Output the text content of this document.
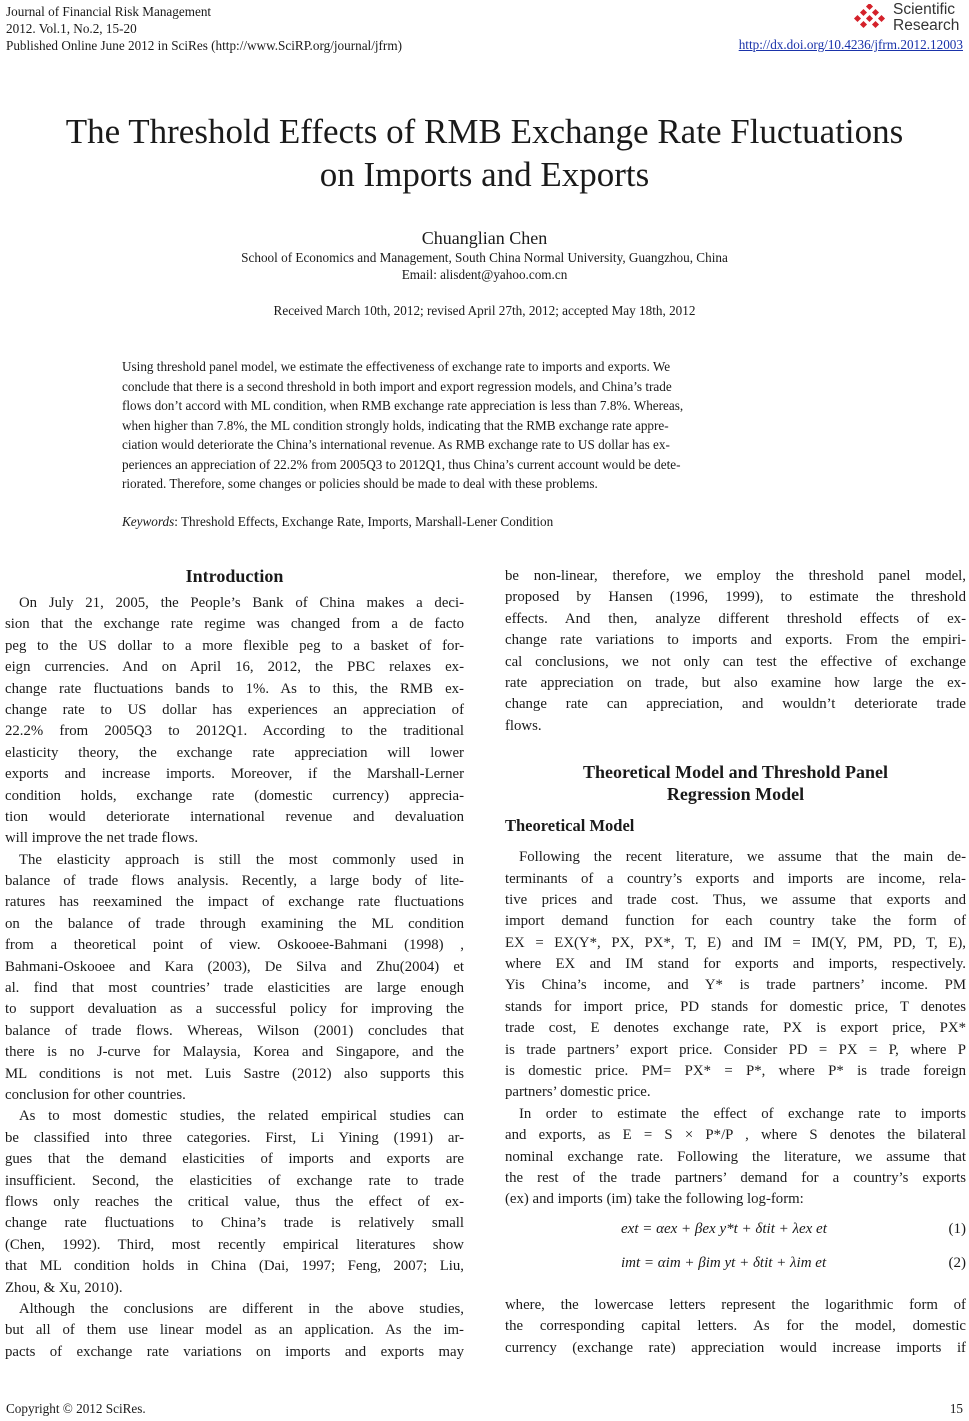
Journal of Financial Risk Management
2012. Vol.1, No.2, 15-20
Published Online June 2012 in SciRes (http://www.SciRP.org/journal/jfrm)
Scientific
Research
http://dx.doi.org/10.4236/jfrm.2012.12003
The Threshold Effects of RMB Exchange Rate Fluctuations
on Imports and Exports
Chuanglian Chen
School of Economics and Management, South China Normal University, Guangzhou, China
Email: alisdent@yahoo.com.cn
Received March 10th, 2012; revised April 27th, 2012; accepted May 18th, 2012
Using threshold panel model, we estimate the effectiveness of exchange rate to imports and exports. We
conclude that there is a second threshold in both import and export regression models, and China’s trade
flows don’t accord with ML condition, when RMB exchange rate appreciation is less than 7.8%. Whereas,
when higher than 7.8%, the ML condition strongly holds, indicating that the RMB exchange rate appre-
ciation would deteriorate the China’s international revenue. As RMB exchange rate to US dollar has ex-
periences an appreciation of 22.2% from 2005Q3 to 2012Q1, thus China’s current account would be dete-
riorated. Therefore, some changes or policies should be made to deal with these problems.
Keywords: Threshold Effects, Exchange Rate, Imports, Marshall-Lener Condition
Introduction
On July 21, 2005, the People’s Bank of China makes a deci-
sion that the exchange rate regime was changed from a de facto
peg to the US dollar to a more flexible peg to a basket of for-
eign currencies. And on April 16, 2012, the PBC relaxes ex-
change rate fluctuations bands to 1%. As to this, the RMB ex-
change rate to US dollar has experiences an appreciation of
22.2% from 2005Q3 to 2012Q1. According to the traditional
elasticity theory, the exchange rate appreciation will lower
exports and increase imports. Moreover, if the Marshall-Lerner
condition holds, exchange rate (domestic currency) apprecia-
tion would deteriorate international revenue and devaluation
will improve the net trade flows.
The elasticity approach is still the most commonly used in
balance of trade flows analysis. Recently, a large body of lite-
ratures has reexamined the impact of exchange rate fluctuations
on the balance of trade through examining the ML condition
from a theoretical point of view. Oskooee-Bahmani (1998) ,
Bahmani-Oskooee and Kara (2003), De Silva and Zhu(2004) et
al. find that most countries’ trade elasticities are large enough
to support devaluation as a successful policy for improving the
balance of trade flows. Whereas, Wilson (2001) concludes that
there is no J-curve for Malaysia, Korea and Singapore, and the
ML conditions is not met. Luis Sastre (2012) also supports this
conclusion for other countries.
As to most domestic studies, the related empirical studies can
be classified into three categories. First, Li Yining (1991) ar-
gues that the demand elasticities of imports and exports are
insufficient. Second, the elasticities of exchange rate to trade
flows only reaches the critical value, thus the effect of ex-
change rate fluctuations to China’s trade is relatively small
(Chen, 1992). Third, most recently empirical literatures show
that ML condition holds in China (Dai, 1997; Feng, 2007; Liu,
Zhou, & Xu, 2010).
Although the conclusions are different in the above studies,
but all of them use linear model as an application. As the im-
pacts of exchange rate variations on imports and exports may
be non-linear, therefore, we employ the threshold panel model,
proposed by Hansen (1996, 1999), to estimate the threshold
effects. And then, analyze different threshold effects of ex-
change rate variations to imports and exports. From the empiri-
cal conclusions, we not only can test the effective of exchange
rate appreciation on trade, but also examine how large the ex-
change rate can appreciation, and wouldn’t deteriorate trade
flows.
Theoretical Model and Threshold Panel
Regression Model
Theoretical Model
Following the recent literature, we assume that the main de-
terminants of a country’s exports and imports are income, rela-
tive prices and trade cost. Thus, we assume that exports and
import demand function for each country take the form of
EX = EX(Y*, PX, PX*, T, E) and IM = IM(Y, PM, PD, T, E),
where EX and IM stand for exports and imports, respectively.
Yis China’s income, and Y* is trade partners’ income. PM
stands for import price, PD stands for domestic price, T denotes
trade cost, E denotes exchange rate, PX is export price, PX*
is trade partners’ export price. Consider PD = PX = P, where P
is domestic price. PM= PX* = P*, where P* is trade foreign
partners’ domestic price.
In order to estimate the effect of exchange rate to imports
and exports, as E = S × P*/P , where S denotes the bilateral
nominal exchange rate. Following the literature, we assume that
the rest of the trade partners’ demand for a country’s exports
(ex) and imports (im) take the following log-form:
ext = αex + βex y*t + δtit + λex et	(1)
imt = αim + βim yt + δtit + λim et	(2)
where, the lowercase letters represent the logarithmic form of
the corresponding capital letters. As for the model, domestic
currency (exchange rate) appreciation would increase imports if
Copyright © 2012 SciRes.	15
